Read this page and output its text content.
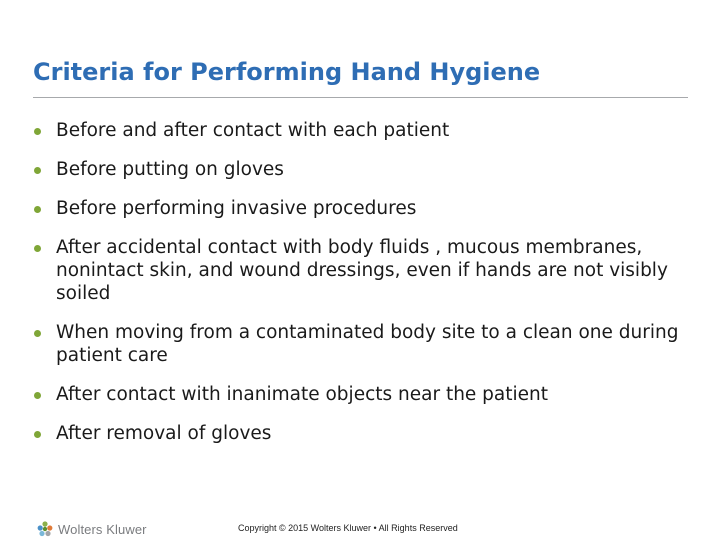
Criteria for Performing Hand Hygiene
Before and after contact with each patient
Before putting on gloves
Before performing invasive procedures
After accidental contact with body fluids , mucous membranes, nonintact skin, and wound dressings, even if hands are not visibly soiled
When moving from a contaminated body site to a clean one during patient care
After contact with inanimate objects near the patient
After removal of gloves
Wolters Kluwer	Copyright © 2015 Wolters Kluwer • All Rights Reserved
